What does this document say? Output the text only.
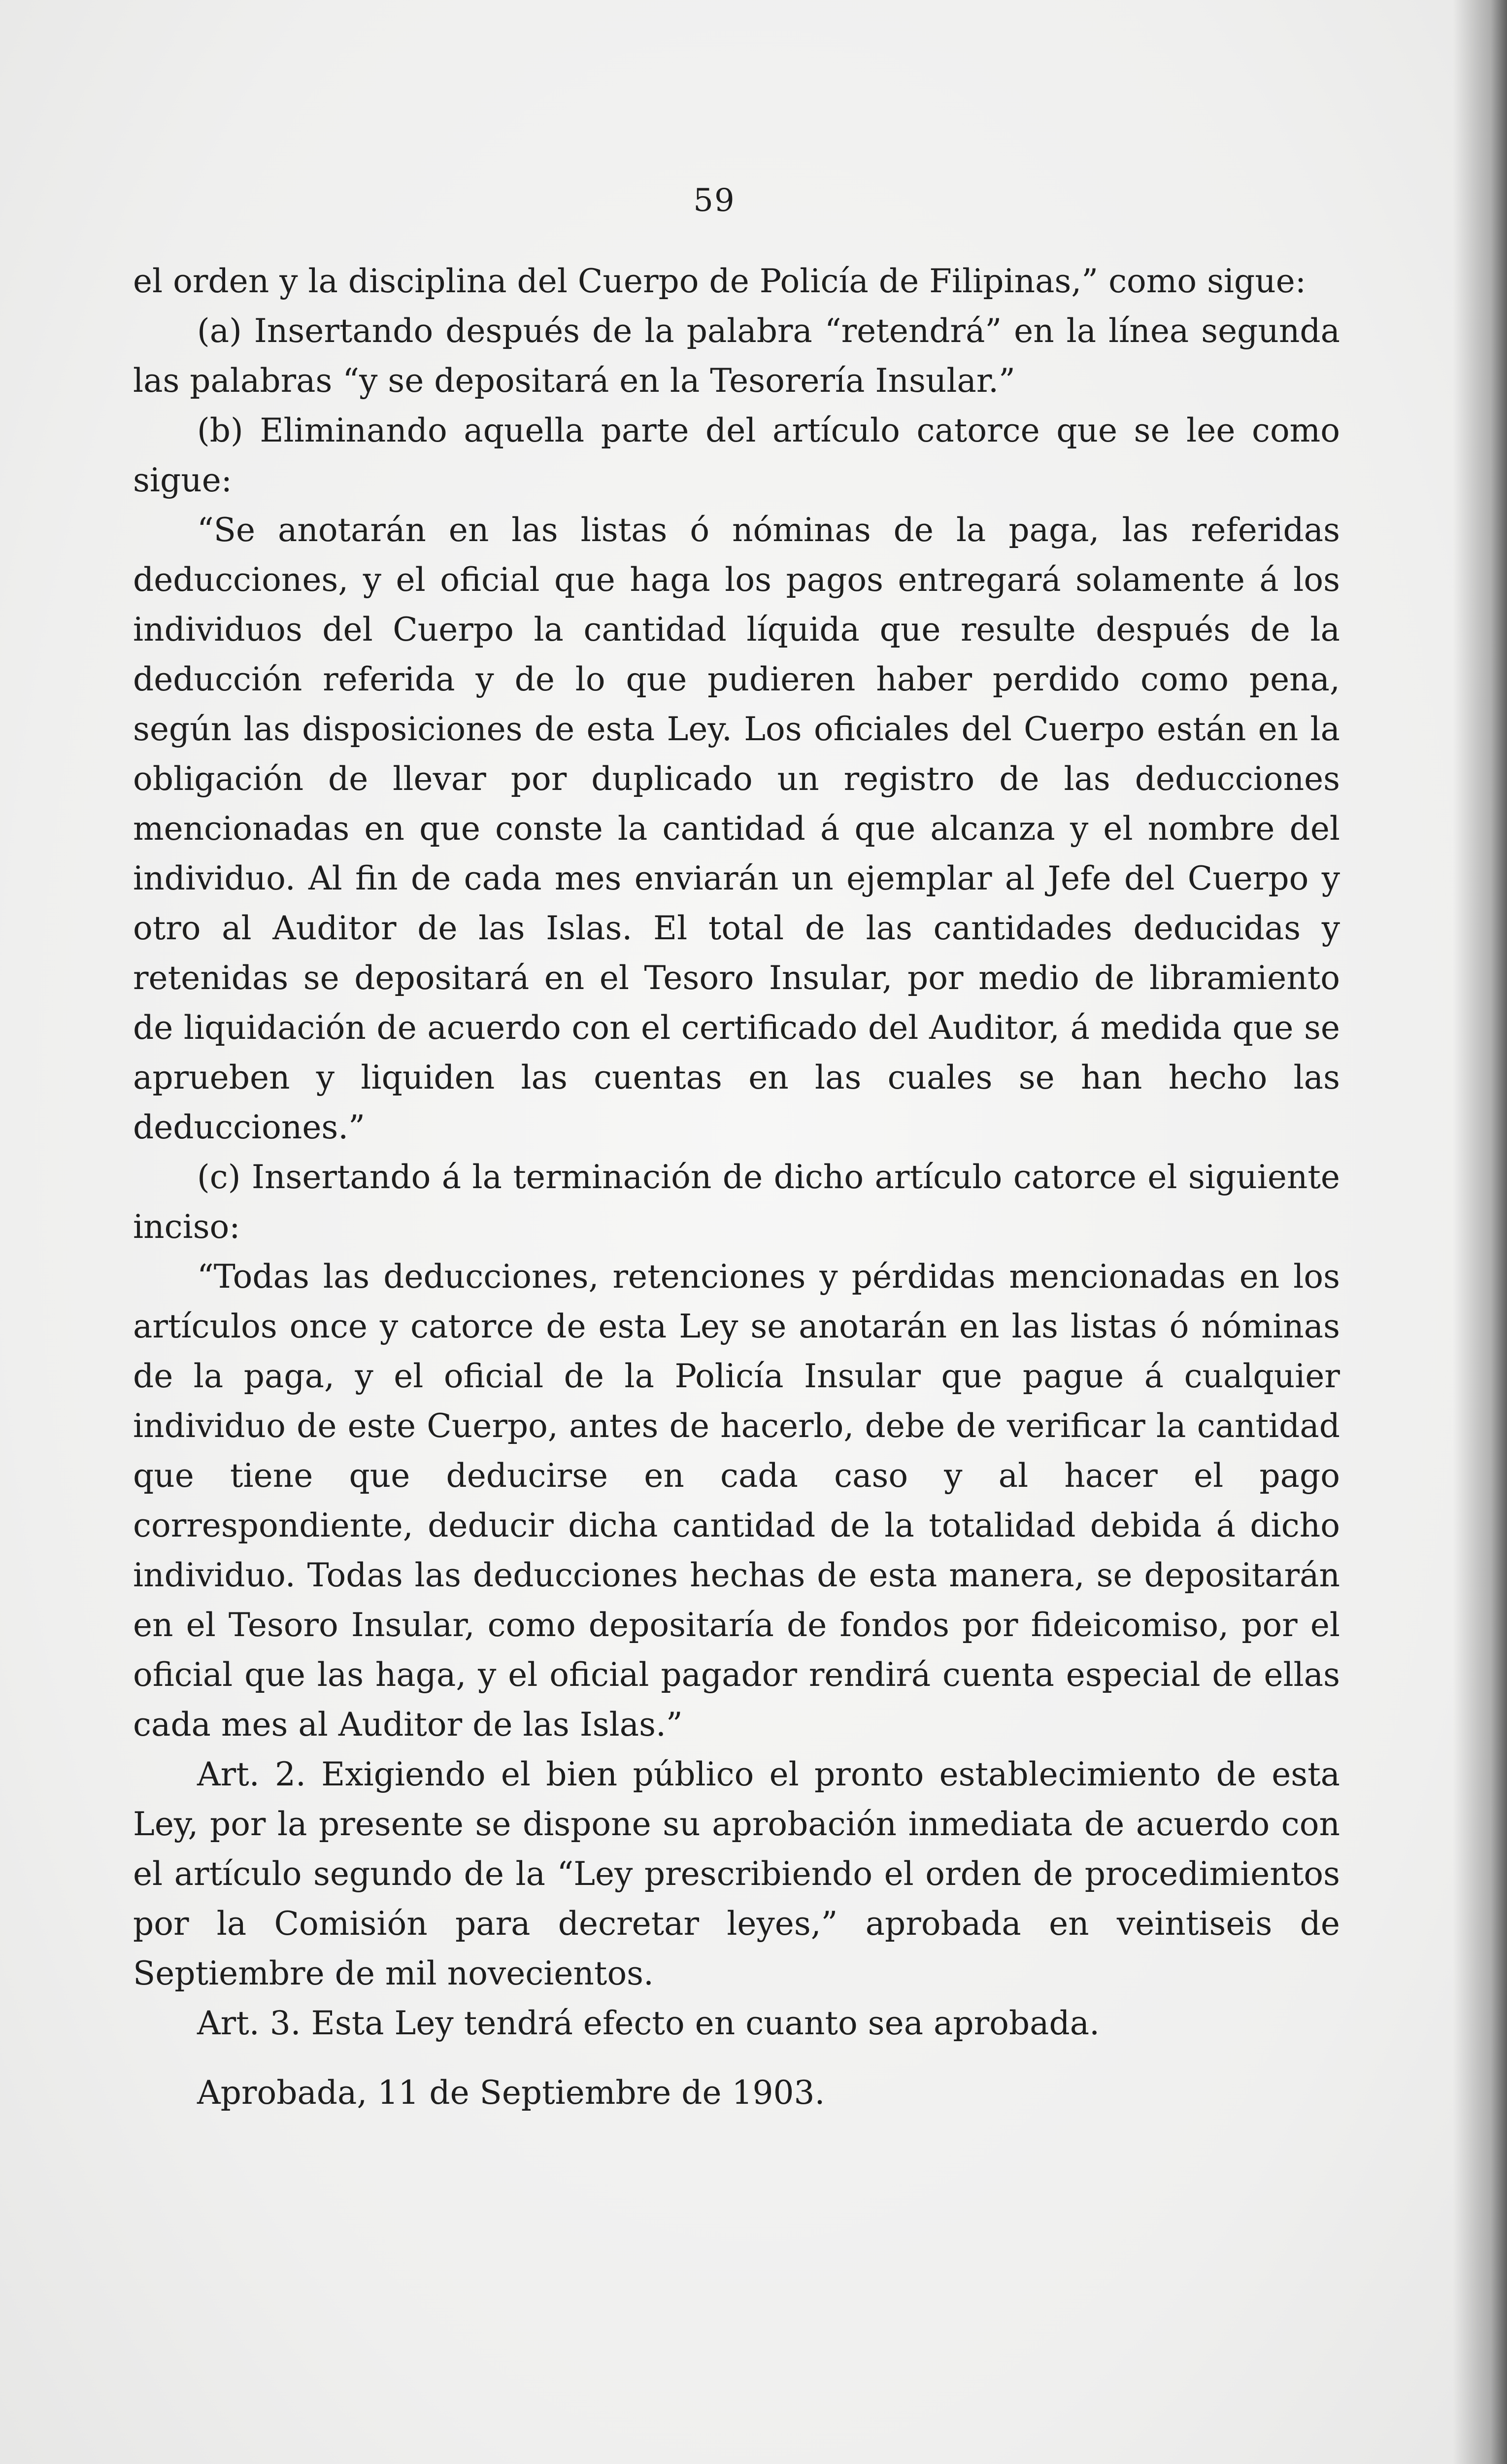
59

el orden y la disciplina del Cuerpo de Policía de Filipinas,” como sigue:

(a) Insertando después de la palabra “retendrá” en la línea segunda las palabras “y se depositará en la Tesorería Insular.”

(b) Eliminando aquella parte del artículo catorce que se lee como sigue:

“Se anotarán en las listas ó nóminas de la paga, las referidas deducciones, y el oficial que haga los pagos entregará solamente á los individuos del Cuerpo la cantidad líquida que resulte después de la deducción referida y de lo que pudieren haber perdido como pena, según las disposiciones de esta Ley. Los oficiales del Cuerpo están en la obligación de llevar por duplicado un registro de las deducciones mencionadas en que conste la cantidad á que alcanza y el nombre del individuo. Al fin de cada mes enviarán un ejemplar al Jefe del Cuerpo y otro al Auditor de las Islas. El total de las cantidades deducidas y retenidas se depositará en el Tesoro Insular, por medio de libramiento de liquidación de acuerdo con el certificado del Auditor, á medida que se aprueben y liquiden las cuentas en las cuales se han hecho las deducciones.”

(c) Insertando á la terminación de dicho artículo catorce el siguiente inciso:

“Todas las deducciones, retenciones y pérdidas mencionadas en los artículos once y catorce de esta Ley se anotarán en las listas ó nóminas de la paga, y el oficial de la Policía Insular que pague á cualquier individuo de este Cuerpo, antes de hacerlo, debe de verificar la cantidad que tiene que deducirse en cada caso y al hacer el pago correspondiente, deducir dicha cantidad de la totalidad debida á dicho individuo. Todas las deducciones hechas de esta manera, se depositarán en el Tesoro Insular, como depositaría de fondos por fideicomiso, por el oficial que las haga, y el oficial pagador rendirá cuenta especial de ellas cada mes al Auditor de las Islas.”

Art. 2. Exigiendo el bien público el pronto establecimiento de esta Ley, por la presente se dispone su aprobación inmediata de acuerdo con el artículo segundo de la “Ley prescribiendo el orden de procedimientos por la Comisión para decretar leyes,” aprobada en veintiseis de Septiembre de mil novecientos.

Art. 3. Esta Ley tendrá efecto en cuanto sea aprobada.

Aprobada, 11 de Septiembre de 1903.
